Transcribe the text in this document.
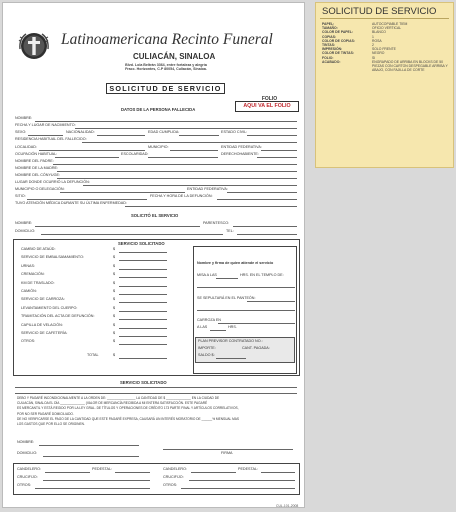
SOLICITUD DE SERVICIO
PAPEL:	AUTOCOPIABLE TIEM
TAMAÑO:	OFICIO VERTICAL
COLOR DE PAPEL:	BLANCO
COPIAS:	1
COLOR DE COPIAS:	ROSA
TINTAS:	2
IMPRESIÓN:	SOLO FRENTE
COLOR DE TINTAS:	NEGRO
FOLIO:	SI
ACABADO:	ENGRAPADO DE ARRIBA EN BLOCKS DE 50 PIEZAS CON CARTON DESPEGABLE ARRIBA Y ABAJO, CON FAJILLA DE CORTE
Latinoamericana Recinto Funeral
CULIACÁN, SINALOA
Blvd. Lola Beltrán 3364, entre fortaleza y alegría
Fracc. Horizontes, C.P 80054, Culiacán, Sinaloa.
SOLICITUD DE SERVICIO
FOLIO
AQUI VA EL FOLIO
DATOS DE LA PERSONA FALLECIDA
NOMBRE:
FECHA Y LUGAR DE NACIMIENTO:
SEXO:	NACIONALIDAD:	EDAD CUMPLIDA:	ESTADO CIVIL:
RESIDENCIA HABITUAL DEL FALLECIDO:
LOCALIDAD:	MUNICIPIO:	ENTIDAD FEDERATIVA:
OCUPACIÓN HABITUAL:	ESCOLARIDAD:	DERECHOHABIENTE:
NOMBRE DEL PADRE:
NOMBRE DE LA MADRE:
NOMBRE DEL CÓNYUGE:
LUGAR DONDE OCURRIÓ LA DEFUNCIÓN:
MUNICIPIO O DELEGACIÓN:	ENTIDAD FEDERATIVA:
SITIO:	FECHA Y HORA DE LA DEFUNCIÓN:
TUVO ATENCIÓN MÉDICA DURANTE SU ÚLTIMA ENFERMEDAD:
SOLICITÓ EL SERVICIO
NOMBRE:	PARENTESCO:
DOMICILIO:	TEL:
SERVICIO SOLICITADO
CAMBIO DE ATAÚD:	$
SERVICIO DE EMBALSAMAMIENTO:	$
URNAS:	$
CREMACIÓN:	$
KM DE TRASLADO:	$
CAMIÓN:	$
SERVICIO DE CARROZA:	$
LEVANTAMIENTO DEL CUERPO:	$
TRAMITACIÓN DEL ACTA DE DEFUNCIÓN:	$
CAPILLA DE VELACIÓN:	$
SERVICIO DE CAFETERÍA:	$
OTROS:	$
TOTAL	$
Nombre y firma de quien atiende el servicio
MISA A LAS	HRS. EN EL TEMPLO DE:
SE SEPULTARÁ EN EL PANTEÓN:
CARROZA EN
A LAS	HRS.
PLAN PREVISOR CONTRATADO NO.:
IMPORTE:	CANT. PAGADA:
SALDO $:
SERVICIO SOLICITADO
DEBO Y PAGARÉ INCONDICIONALMENTE A LA ORDEN DE: ________________ LA CANTIDAD DE $ ______________ EN LA CIUDAD DE
CULIACÁN, SINALOA EL DÍA ______________ (VALOR DE MERCANCÍA RECIBIDA A MI ENTERA SATISFACCIÓN. ESTE PAGARÉ
ES MERCANTIL Y ESTÁ REGIDO POR LA LEY GRAL. DE TÍTULOS Y OPERACIONES DE CRÉDITO 173 PARTE FINAL Y ARTÍCULOS CORRELATIVOS,
POR NO SER PAGARÉ DOMICILIADO.
DE NO VERIFICARSE EL PAGO DE LA CANTIDAD QUE ESTE PAGARÉ EXPRESA, CAUSARÁ UN INTERÉS MORATORIO DE ______% MENSUAL MAS
LOS GASTOS QUE POR ELLO SE ORIGINEN.
NOMBRE:
DOMICILIO:	FIRMA
CANDELERO:	PEDESTAL:
CRUCIFIJO:
OTROS:
CANDELERO:	PEDESTAL:
CRUCIFIJO:
OTROS:
CUL-101-2008
